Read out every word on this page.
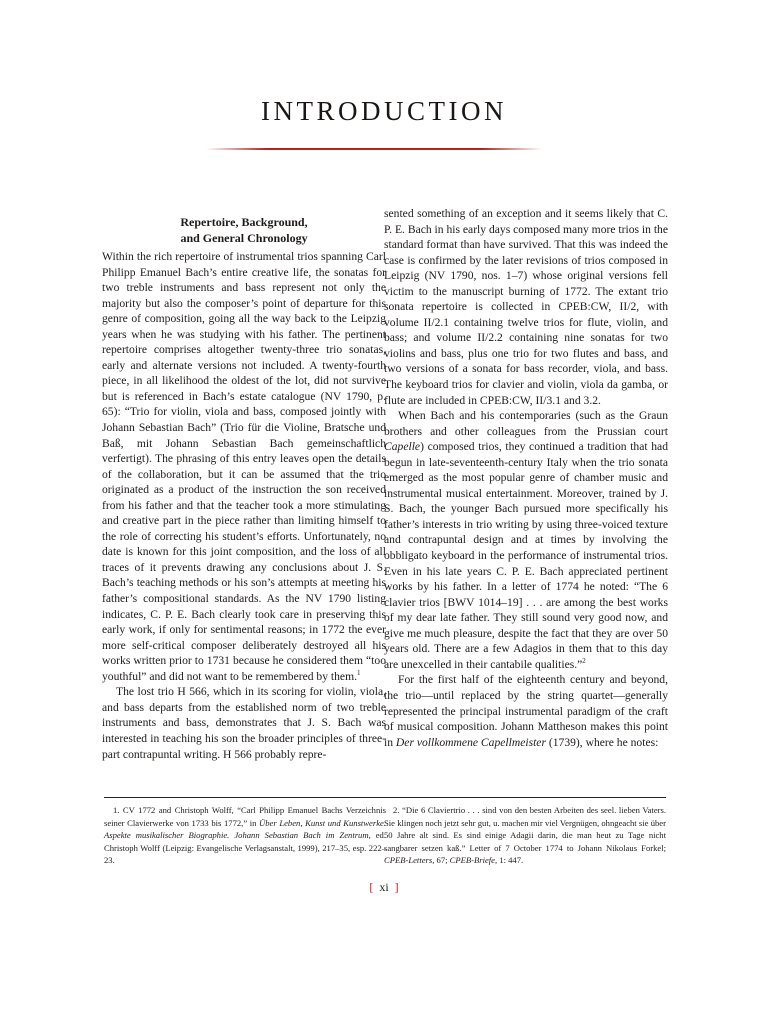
INTRODUCTION
Repertoire, Background,
and General Chronology

Within the rich repertoire of instrumental trios spanning Carl Philipp Emanuel Bach’s entire creative life, the sonatas for two treble instruments and bass represent not only the majority but also the composer’s point of departure for this genre of composition, going all the way back to the Leipzig years when he was studying with his father. The pertinent repertoire comprises altogether twenty-three trio sonatas, early and alternate versions not included. A twenty-fourth piece, in all likelihood the oldest of the lot, did not survive but is referenced in Bach’s estate catalogue (NV 1790, p. 65): “Trio for violin, viola and bass, composed jointly with Johann Sebastian Bach” (Trio für die Violine, Bratsche und Baß, mit Johann Sebastian Bach gemeinschaftlich verfertigt). The phrasing of this entry leaves open the details of the collaboration, but it can be assumed that the trio originated as a product of the instruction the son received from his father and that the teacher took a more stimulating and creative part in the piece rather than limiting himself to the role of correcting his student’s efforts. Unfortunately, no date is known for this joint composition, and the loss of all traces of it prevents drawing any conclusions about J. S. Bach’s teaching methods or his son’s attempts at meeting his father’s compositional standards. As the NV 1790 listing indicates, C. P. E. Bach clearly took care in preserving this early work, if only for sentimental reasons; in 1772 the ever more self-critical composer deliberately destroyed all his works written prior to 1731 because he considered them “too youthful” and did not want to be remembered by them.$^1$

The lost trio H 566, which in its scoring for violin, viola, and bass departs from the established norm of two treble instruments and bass, demonstrates that J. S. Bach was interested in teaching his son the broader principles of three-part contrapuntal writing. H 566 probably repre-

sented something of an exception and it seems likely that C. P. E. Bach in his early days composed many more trios in the standard format than have survived. That this was indeed the case is confirmed by the later revisions of trios composed in Leipzig (NV 1790, nos. 1–7) whose original versions fell victim to the manuscript burning of 1772. The extant trio sonata repertoire is collected in CPEB:CW, II/2, with volume II/2.1 containing twelve trios for flute, violin, and bass; and volume II/2.2 containing nine sonatas for two violins and bass, plus one trio for two flutes and bass, and two versions of a sonata for bass recorder, viola, and bass. The keyboard trios for clavier and violin, viola da gamba, or flute are included in CPEB:CW, II/3.1 and 3.2.

When Bach and his contemporaries (such as the Graun brothers and other colleagues from the Prussian court Capelle) composed trios, they continued a tradition that had begun in late-seventeenth-century Italy when the trio sonata emerged as the most popular genre of chamber music and instrumental musical entertainment. Moreover, trained by J. S. Bach, the younger Bach pursued more specifically his father’s interests in trio writing by using three-voiced texture and contrapuntal design and at times by involving the obbligato keyboard in the performance of instrumental trios. Even in his late years C. P. E. Bach appreciated pertinent works by his father. In a letter of 1774 he noted: “The 6 clavier trios [BWV 1014–19] . . . are among the best works of my dear late father. They still sound very good now, and give me much pleasure, despite the fact that they are over 50 years old. There are a few Adagios in them that to this day are unexcelled in their cantabile qualities.”$^2$

For the first half of the eighteenth century and beyond, the trio—until replaced by the string quartet—generally represented the principal instrumental paradigm of the craft of musical composition. Johann Mattheson makes this point in Der vollkommene Capellmeister (1739), where he notes:

1. CV 1772 and Christoph Wolff, “Carl Philipp Emanuel Bachs Verzeichnis seiner Clavierwerke von 1733 bis 1772,” in Über Leben, Kunst und Kunstwerke. Aspekte musikalischer Biographie. Johann Sebastian Bach im Zentrum, ed. Christoph Wolff (Leipzig: Evangelische Verlagsanstalt, 1999), 217–35, esp. 222–23.
2. “Die 6 Claviertrio . . . sind von den besten Arbeiten des seel. lieben Vaters. Sie klingen noch jetzt sehr gut, u. machen mir viel Vergnügen, ohngeacht sie über 50 Jahre alt sind. Es sind einige Adagii darin, die man heut zu Tage nicht sangbarer setzen kaß.” Letter of 7 October 1774 to Johann Nikolaus Forkel; CPEB-Letters, 67; CPEB-Briefe, 1: 447.
[ xi ]
